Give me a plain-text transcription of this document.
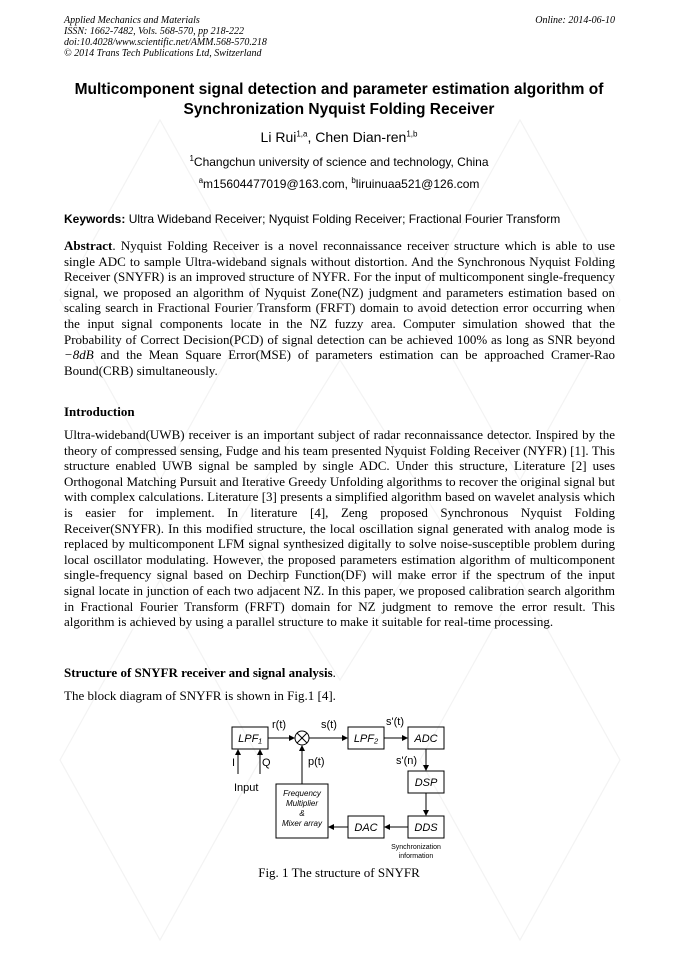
Applied Mechanics and Materials
ISSN: 1662-7482, Vols. 568-570, pp 218-222
doi:10.4028/www.scientific.net/AMM.568-570.218
© 2014 Trans Tech Publications Ltd, Switzerland
Online: 2014-06-10
Multicomponent signal detection and parameter estimation algorithm of Synchronization Nyquist Folding Receiver
Li Rui$^{1,a}$, Chen Dian-ren$^{1,b}$
$^1$Changchun university of science and technology, China
$^a$m15604477019@163.com, $^b$liruinuaa521@126.com
Keywords: Ultra Wideband Receiver; Nyquist Folding Receiver; Fractional Fourier Transform
Abstract. Nyquist Folding Receiver is a novel reconnaissance receiver structure which is able to use single ADC to sample Ultra-wideband signals without distortion. And the Synchronous Nyquist Folding Receiver (SNYFR) is an improved structure of NYFR. For the input of multicomponent single-frequency signal, we proposed an algorithm of Nyquist Zone(NZ) judgment and parameters estimation based on scaling search in Fractional Fourier Transform (FRFT) domain to avoid detection error occurring when the input signal components locate in the NZ fuzzy area. Computer simulation showed that the Probability of Correct Decision(PCD) of signal detection can be achieved 100% as long as SNR beyond −8dB and the Mean Square Error(MSE) of parameters estimation can be approached Cramer-Rao Bound(CRB) simultaneously.
Introduction
Ultra-wideband(UWB) receiver is an important subject of radar reconnaissance detector. Inspired by the theory of compressed sensing, Fudge and his team presented Nyquist Folding Receiver (NYFR) [1]. This structure enabled UWB signal be sampled by single ADC. Under this structure, Literature [2] uses Orthogonal Matching Pursuit and Iterative Greedy Unfolding algorithms to recover the original signal but with complex calculations. Literature [3] presents a simplified algorithm based on wavelet analysis which is easier for implement. In literature [4], Zeng proposed Synchronous Nyquist Folding Receiver(SNYFR). In this modified structure, the local oscillation signal generated with analog mode is replaced by multicomponent LFM signal synthesized digitally to solve noise-susceptible problem during local oscillator modulating. However, the proposed parameters estimation algorithm of multicomponent single-frequency signal based on Dechirp Function(DF) will make error if the spectrum of the input signal locate in junction of each two adjacent NZ. In this paper, we proposed calibration search algorithm in Fractional Fourier Transform (FRFT) domain for NZ judgment to remove the error result. This algorithm is achieved by using a parallel structure to make it suitable for real-time processing.
Structure of SNYFR receiver and signal analysis.
The block diagram of SNYFR is shown in Fig.1 [4].
LPF₁	LPF₂	ADC
DSP
DDS
DAC
Frequency
Multiplier
&
Mixer array
r(t)	s(t)	s'(t)
s'(n)
p(t)
I Q
Input
Synchronization
information
Fig. 1 The structure of SNYFR
